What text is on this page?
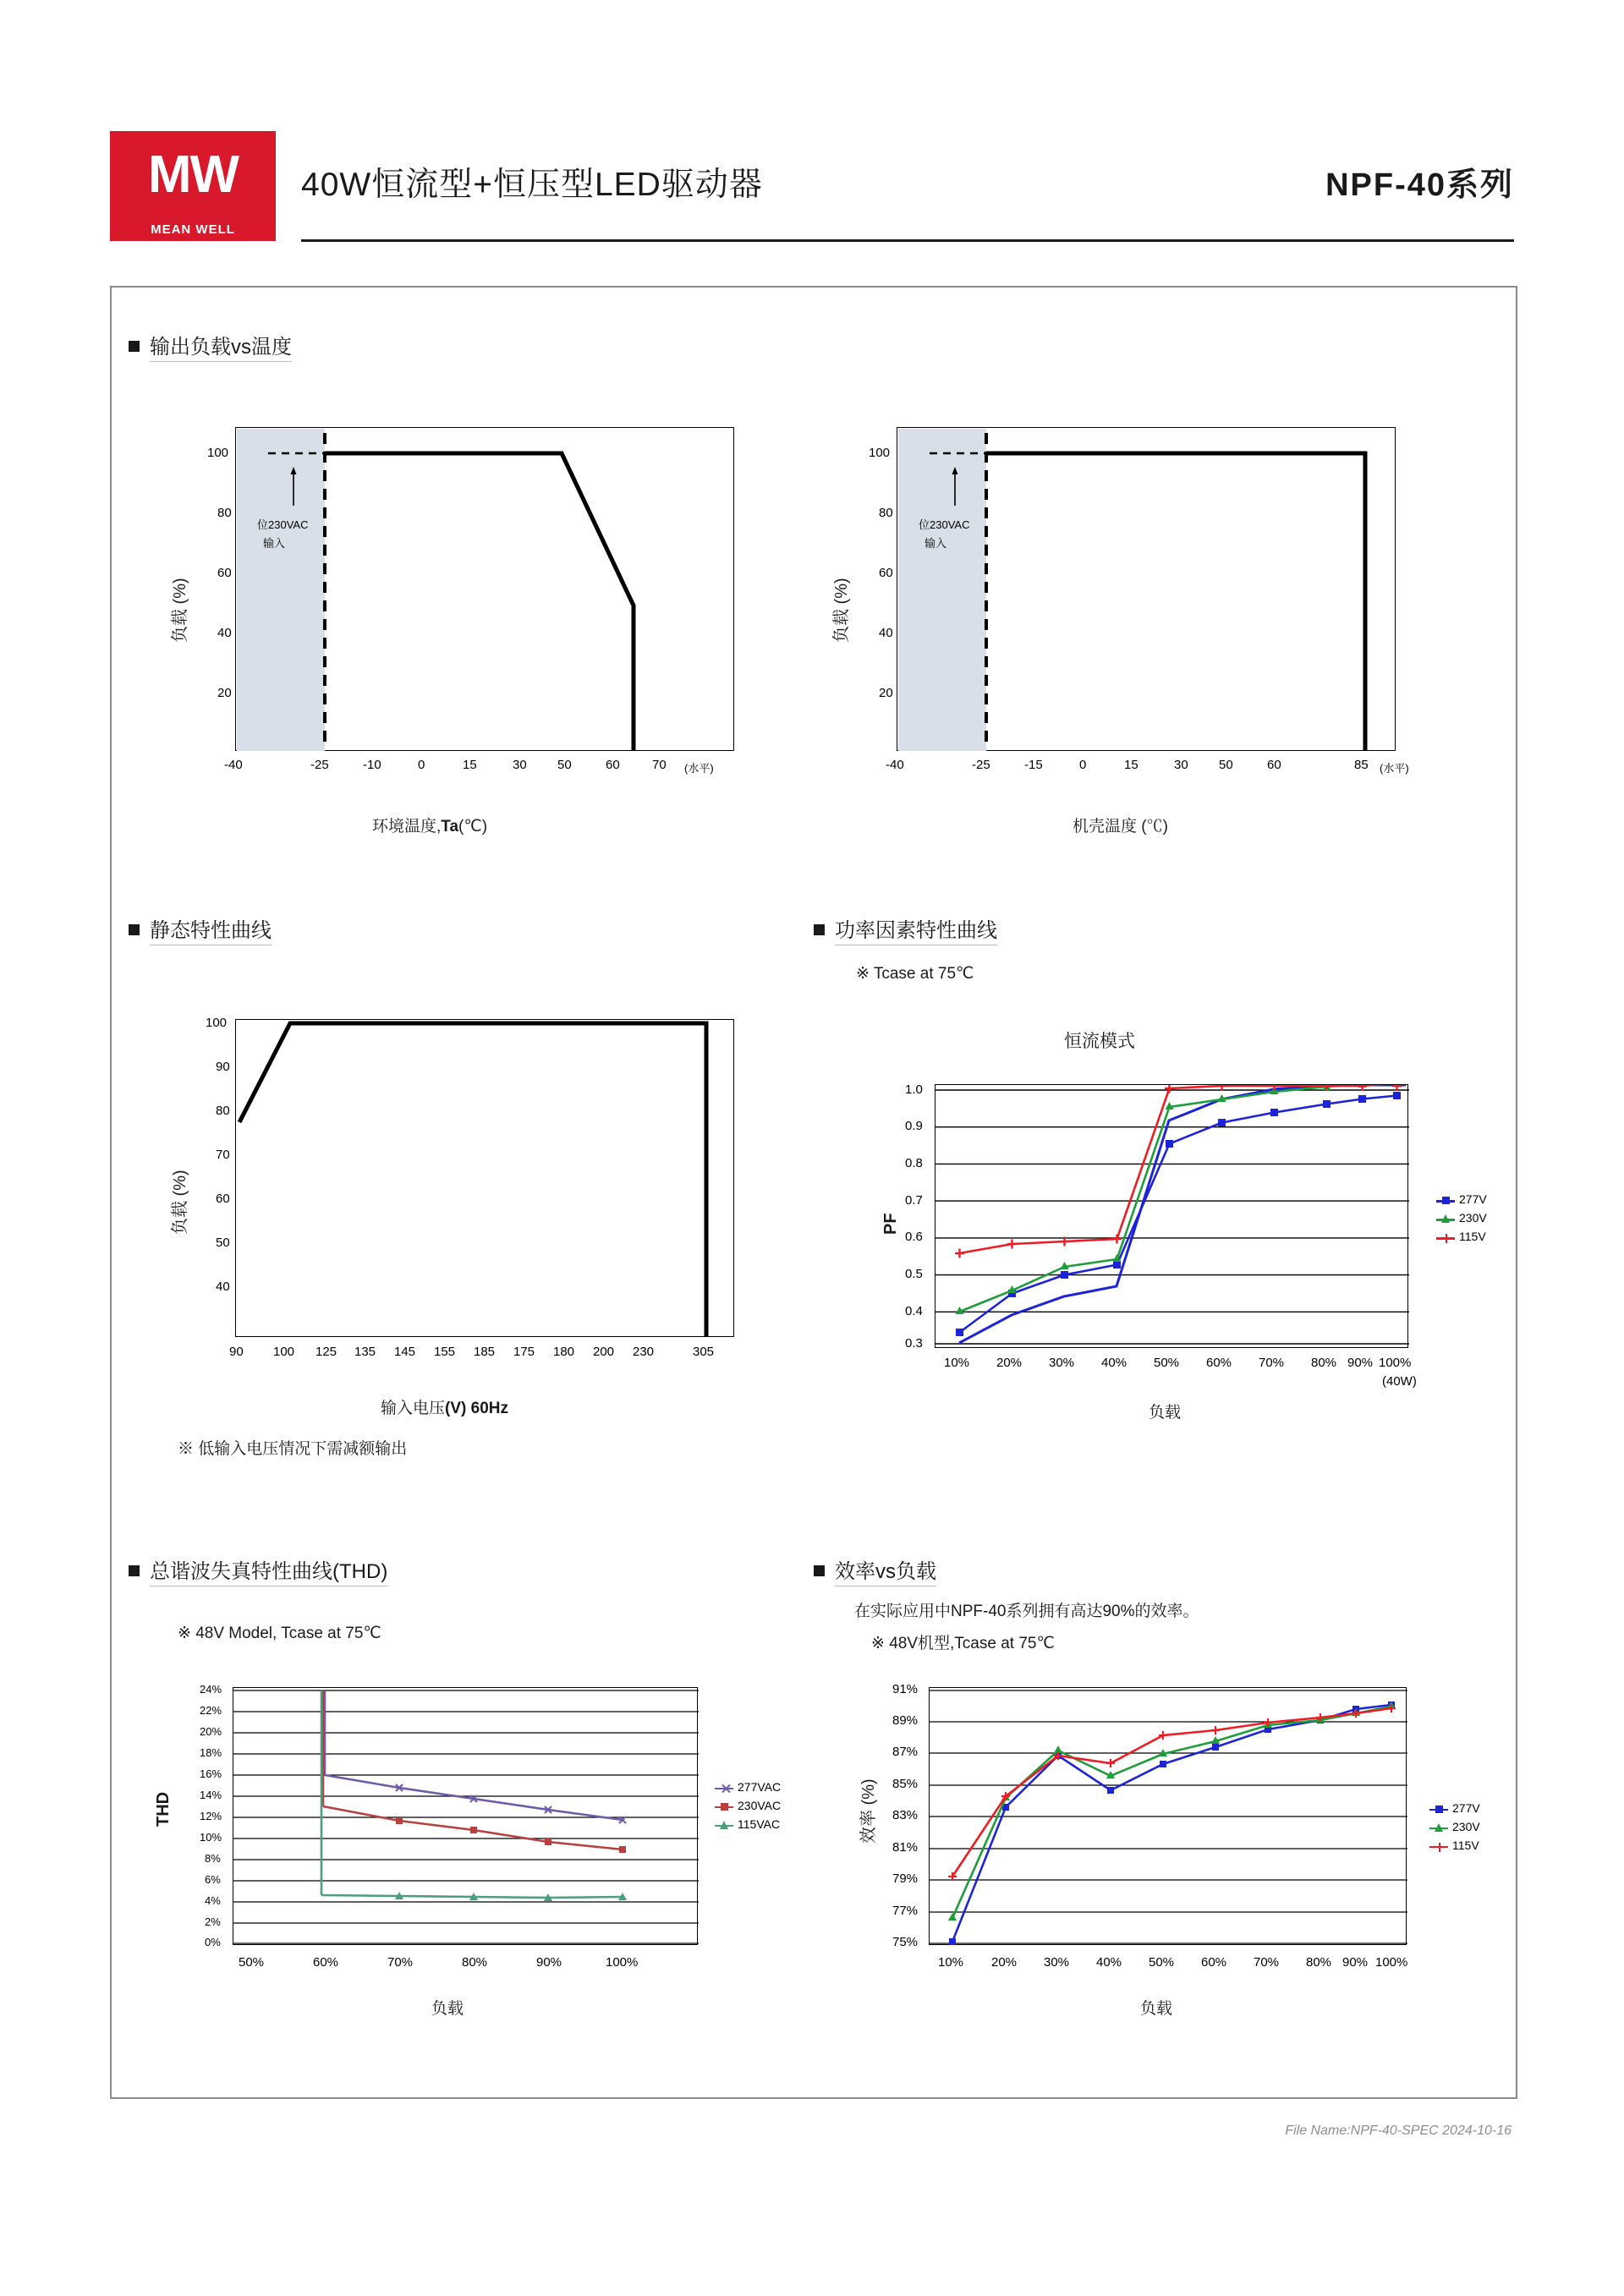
MW
MEAN WELL
40W恒流型+恒压型LED驱动器	NPF-40系列
输出负载vs温度
100
80
60
40
20
-40	-25	-10	0	15	30 50	60	70 (水平)
位230VAC
输入
负载 (%)
环境温度,Ta(℃)
100
80
60
40
20
-40	-25	-15	0	15	30 50	60	85 (水平)
位230VAC
输入
负载 (%)
机壳温度 (℃)
静态特性曲线	功率因素特性曲线
※ Tcase at 75℃
100
90
80
70
60
50
40
90 100 125 135 145 155 185 175 180 200 230	305
负载 (%)
输入电压(V) 60Hz
※ 低输入电压情况下需减额输出
恒流模式
1.0
0.9
0.8
0.7
0.6
0.5
0.4
0.3
10% 20% 30% 40% 50% 60% 70% 80% 90% 100%
(40W)
PF
负载
277V
230V
115V
总谐波失真特性曲线(THD)	效率vs负载
在实际应用中NPF-40系列拥有高达90%的效率。
※ 48V机型,Tcase at 75℃
※ 48V Model, Tcase at 75℃
24%
22%
20%
18%
16%
14%
12%
10%
8%
6%
4%
2%
0%
50%	60%	70%	80%	90%	100%
THD
负载
277VAC
230VAC
115VAC
91%
89%
87%
85%
83%
81%
79%
77%
75%
10% 20% 30% 40% 50% 60% 70% 80% 90% 100%
效率 (%)
负载
277V
230V
115V
File Name:NPF-40-SPEC 2024-10-16
